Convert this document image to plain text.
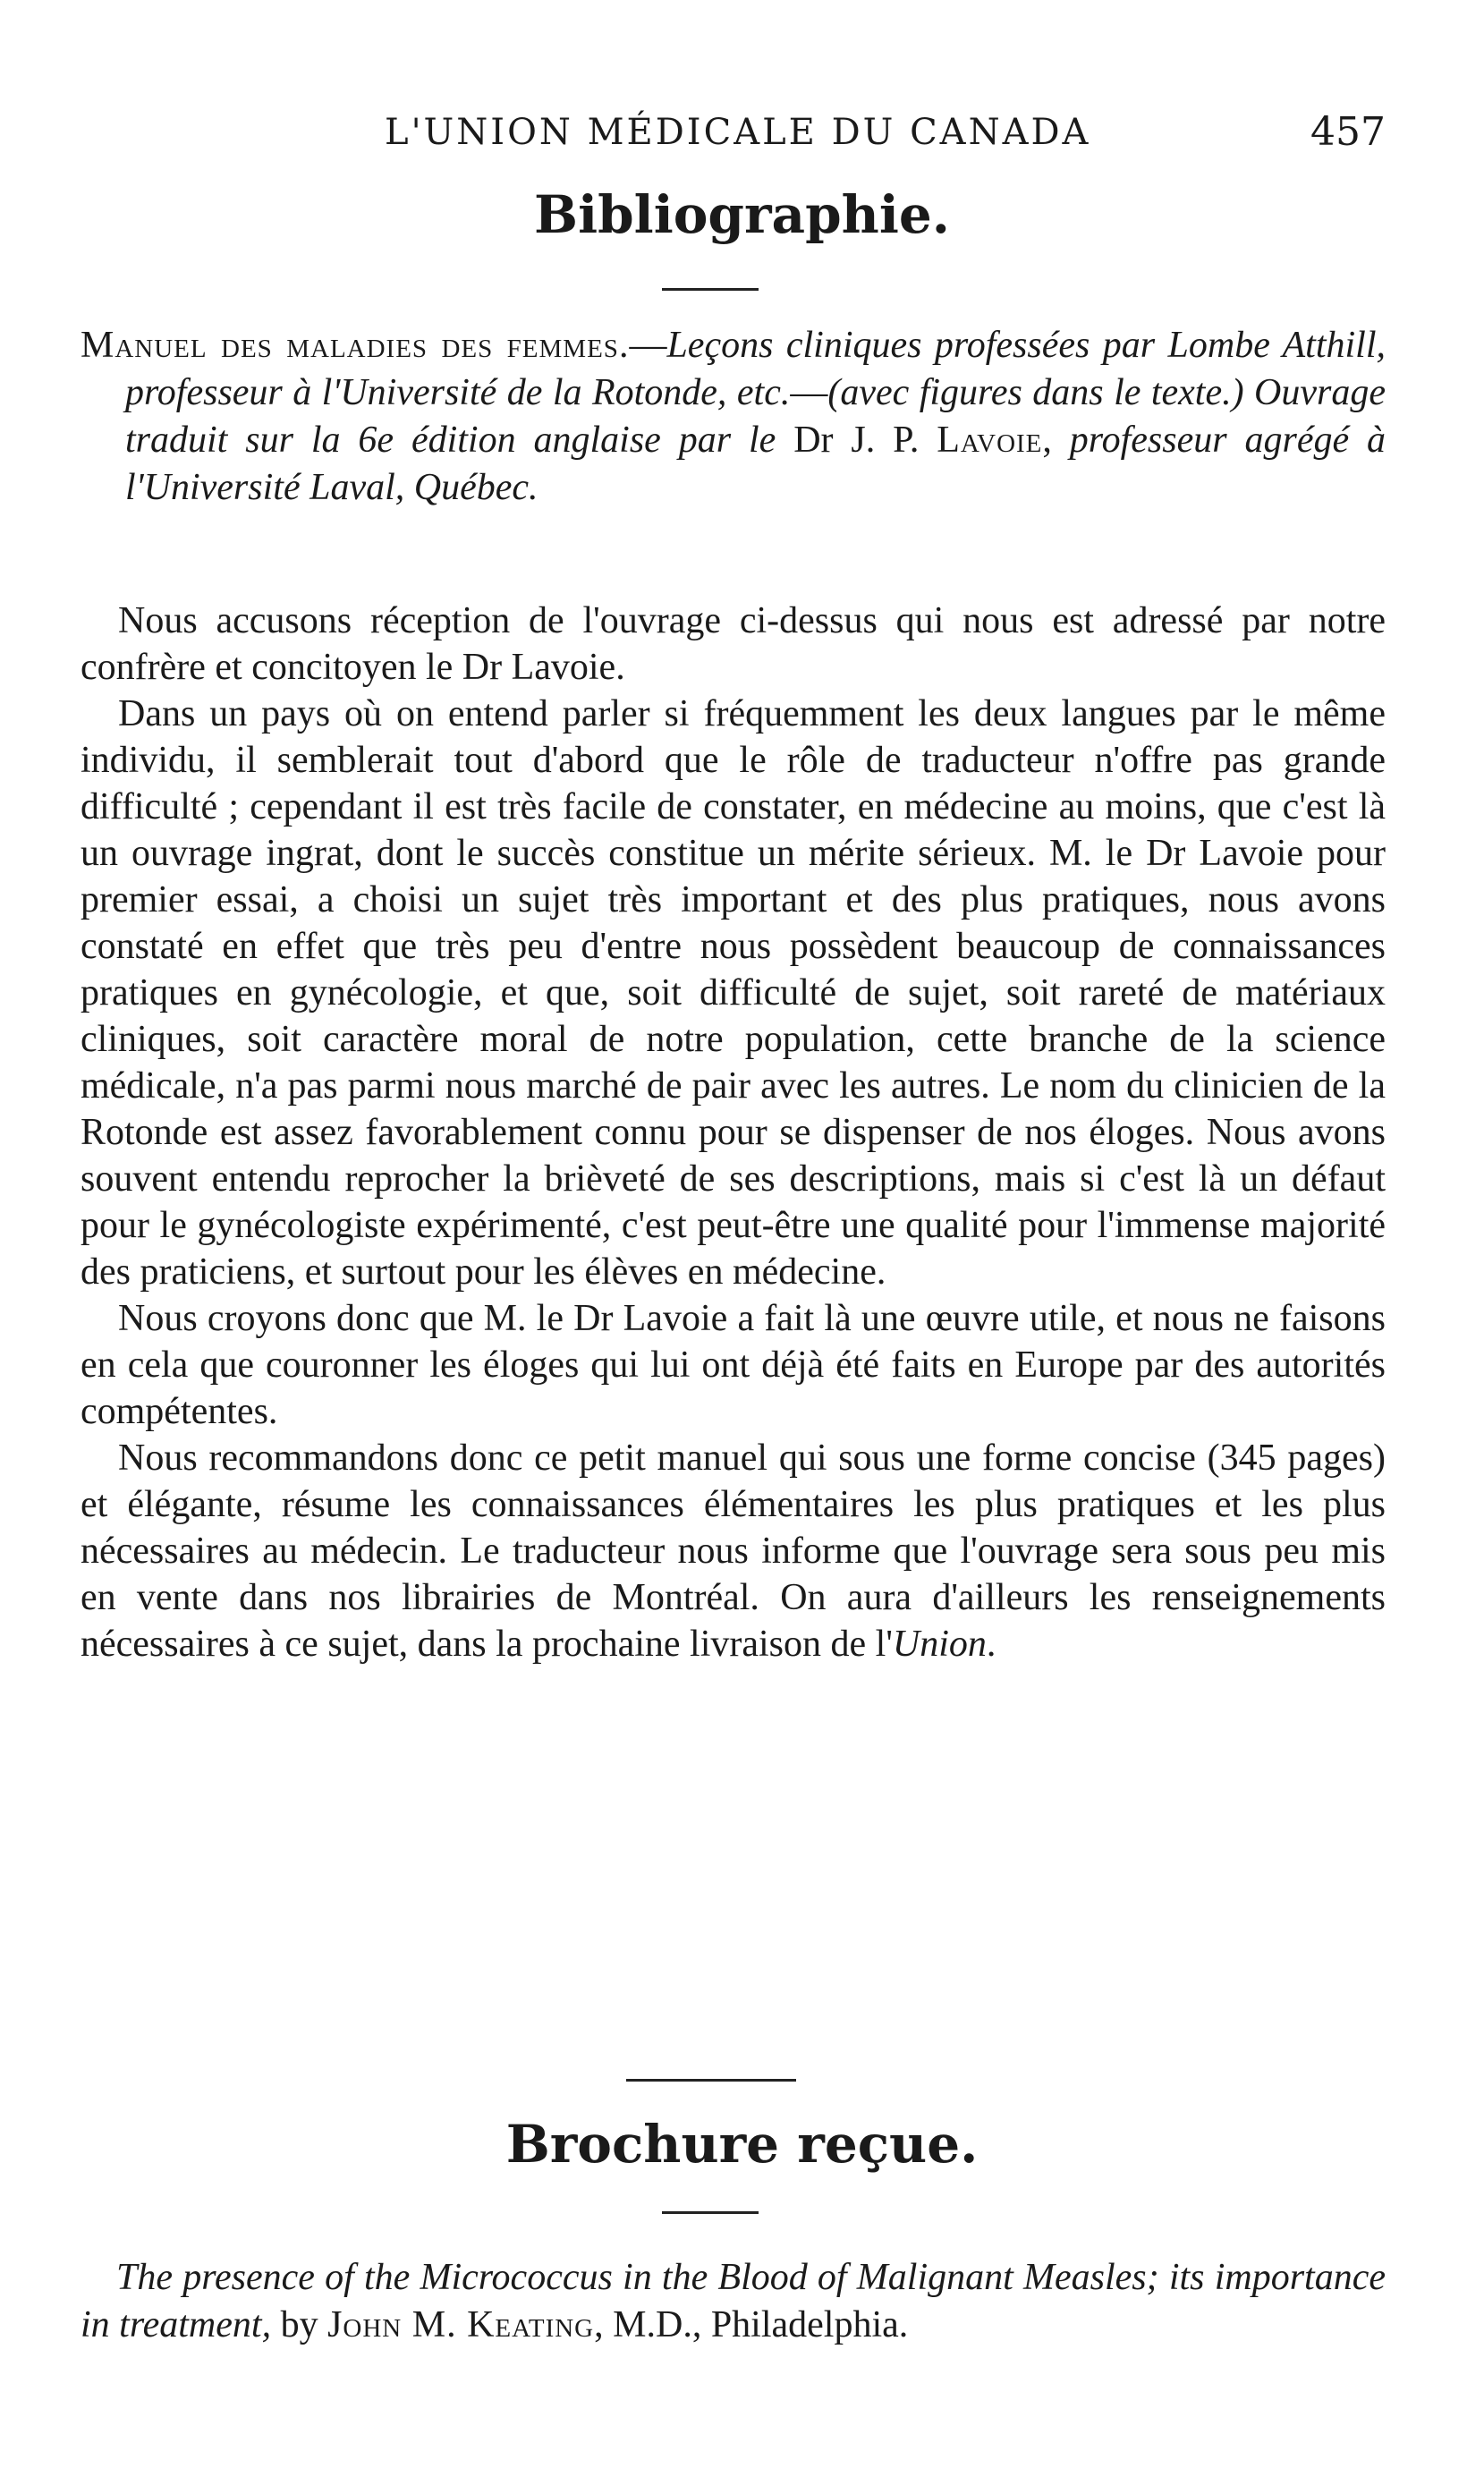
L'UNION MÉDICALE DU CANADA	457
Bibliographie.
Manuel des maladies des femmes.—Leçons cliniques professées par Lombe Atthill, professeur à l'Université de la Rotonde, etc.—(avec figures dans le texte.) Ouvrage traduit sur la 6e édition anglaise par le Dr J. P. Lavoie, professeur agrégé à l'Université Laval, Québec.

Nous accusons réception de l'ouvrage ci-dessus qui nous est adressé par notre confrère et concitoyen le Dr Lavoie.

Dans un pays où on entend parler si fréquemment les deux langues par le même individu, il semblerait tout d'abord que le rôle de traducteur n'offre pas grande difficulté ; cependant il est très facile de constater, en médecine au moins, que c'est là un ouvrage ingrat, dont le succès constitue un mérite sérieux. M. le Dr Lavoie pour premier essai, a choisi un sujet très important et des plus pratiques, nous avons constaté en effet que très peu d'entre nous possèdent beaucoup de connaissances pratiques en gynécologie, et que, soit difficulté de sujet, soit rareté de matériaux cliniques, soit caractère moral de notre population, cette branche de la science médicale, n'a pas parmi nous marché de pair avec les autres. Le nom du clinicien de la Rotonde est assez favorablement connu pour se dispenser de nos éloges. Nous avons souvent entendu reprocher la brièveté de ses descriptions, mais si c'est là un défaut pour le gynécologiste expérimenté, c'est peut-être une qualité pour l'immense majorité des praticiens, et surtout pour les élèves en médecine.

Nous croyons donc que M. le Dr Lavoie a fait là une œuvre utile, et nous ne faisons en cela que couronner les éloges qui lui ont déjà été faits en Europe par des autorités compétentes.

Nous recommandons donc ce petit manuel qui sous une forme concise (345 pages) et élégante, résume les connaissances élémentaires les plus pratiques et les plus nécessaires au médecin. Le traducteur nous informe que l'ouvrage sera sous peu mis en vente dans nos librairies de Montréal. On aura d'ailleurs les renseignements nécessaires à ce sujet, dans la prochaine livraison de l'Union.

Brochure reçue.
The presence of the Micrococcus in the Blood of Malignant Measles; its importance in treatment, by John M. Keating, M.D., Philadelphia.
